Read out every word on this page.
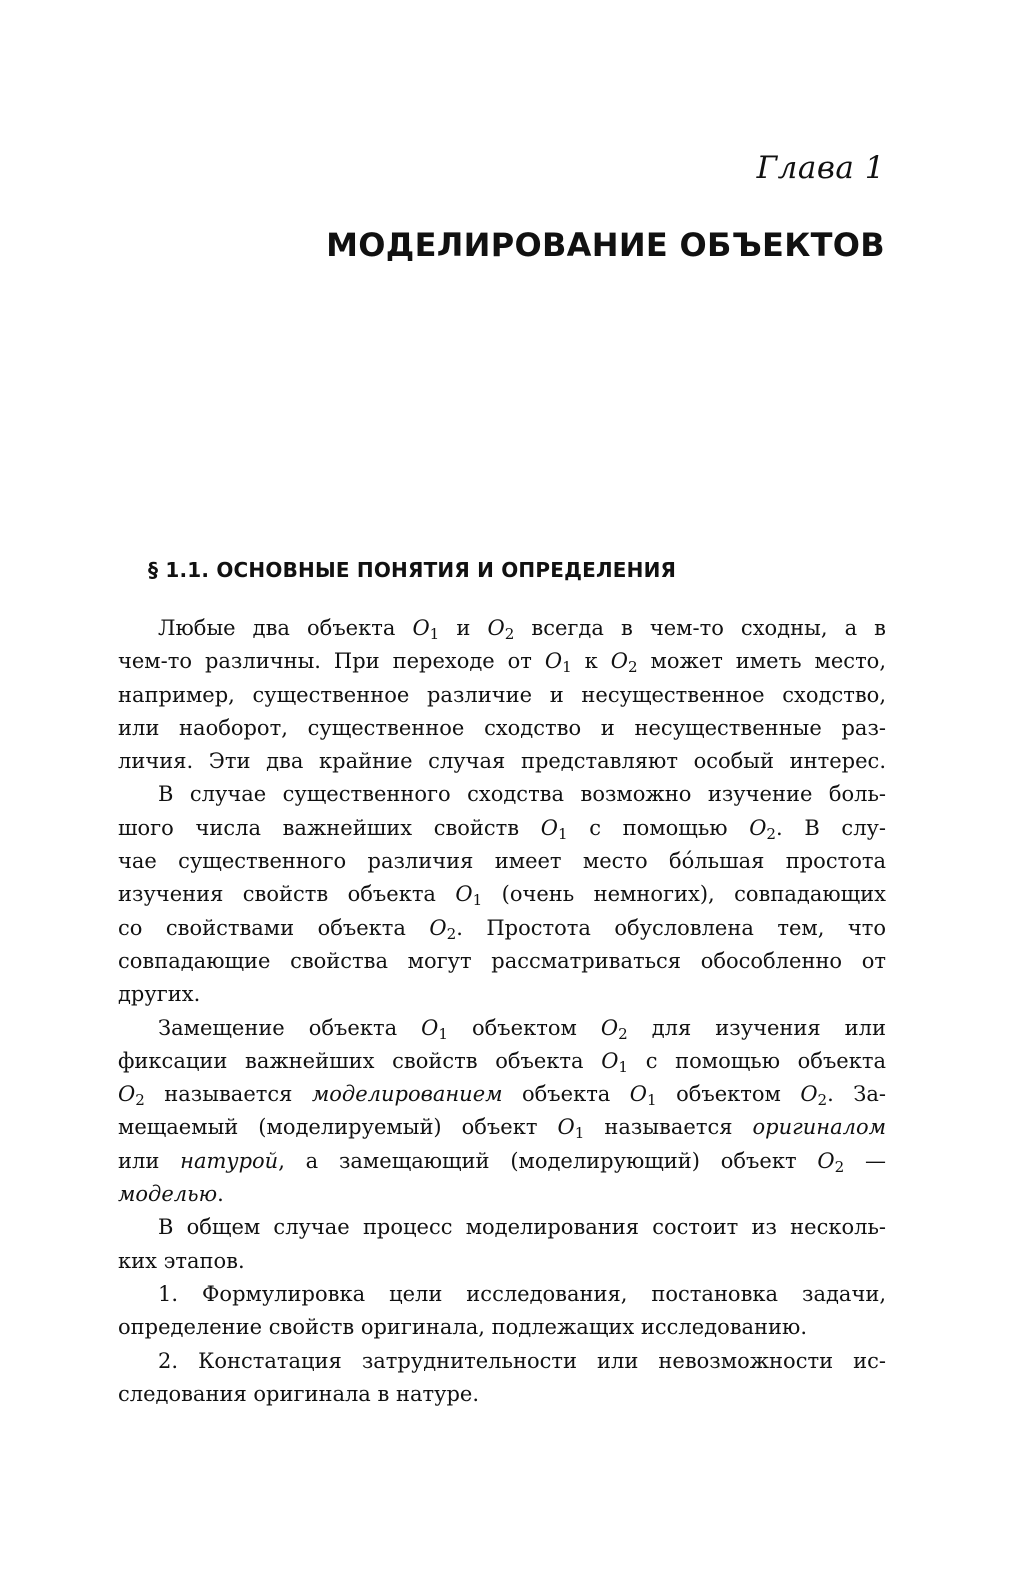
Глава 1
МОДЕЛИРОВАНИЕ ОБЪЕКТОВ
§ 1.1. ОСНОВНЫЕ ПОНЯТИЯ И ОПРЕДЕЛЕНИЯ
Любые два объекта $O_1$ и $O_2$ всегда в чем-то сходны, а в
чем-то различны. При переходе от $O_1$ к $O_2$ может иметь место,
например, существенное различие и несущественное сходство,
или наоборот, существенное сходство и несущественные раз-
личия. Эти два крайние случая представляют особый интерес.
В случае существенного сходства возможно изучение боль-
шого числа важнейших свойств $O_1$ с помощью $O_2$. В слу-
чае существенного различия имеет место бо́льшая простота
изучения свойств объекта $O_1$ (очень немногих), совпадающих
со свойствами объекта $O_2$. Простота обусловлена тем, что
совпадающие свойства могут рассматриваться обособленно от
других.
Замещение объекта $O_1$ объектом $O_2$ для изучения или
фиксации важнейших свойств объекта $O_1$ с помощью объекта
$O_2$ называется моделированием объекта $O_1$ объектом $O_2$. За-
мещаемый (моделируемый) объект $O_1$ называется оригиналом
или натурой, а замещающий (моделирующий) объект $O_2$ —
моделью.
В общем случае процесс моделирования состоит из несколь-
ких этапов.
1. Формулировка цели исследования, постановка задачи,
определение свойств оригинала, подлежащих исследованию.
2. Констатация затруднительности или невозможности ис-
следования оригинала в натуре.
